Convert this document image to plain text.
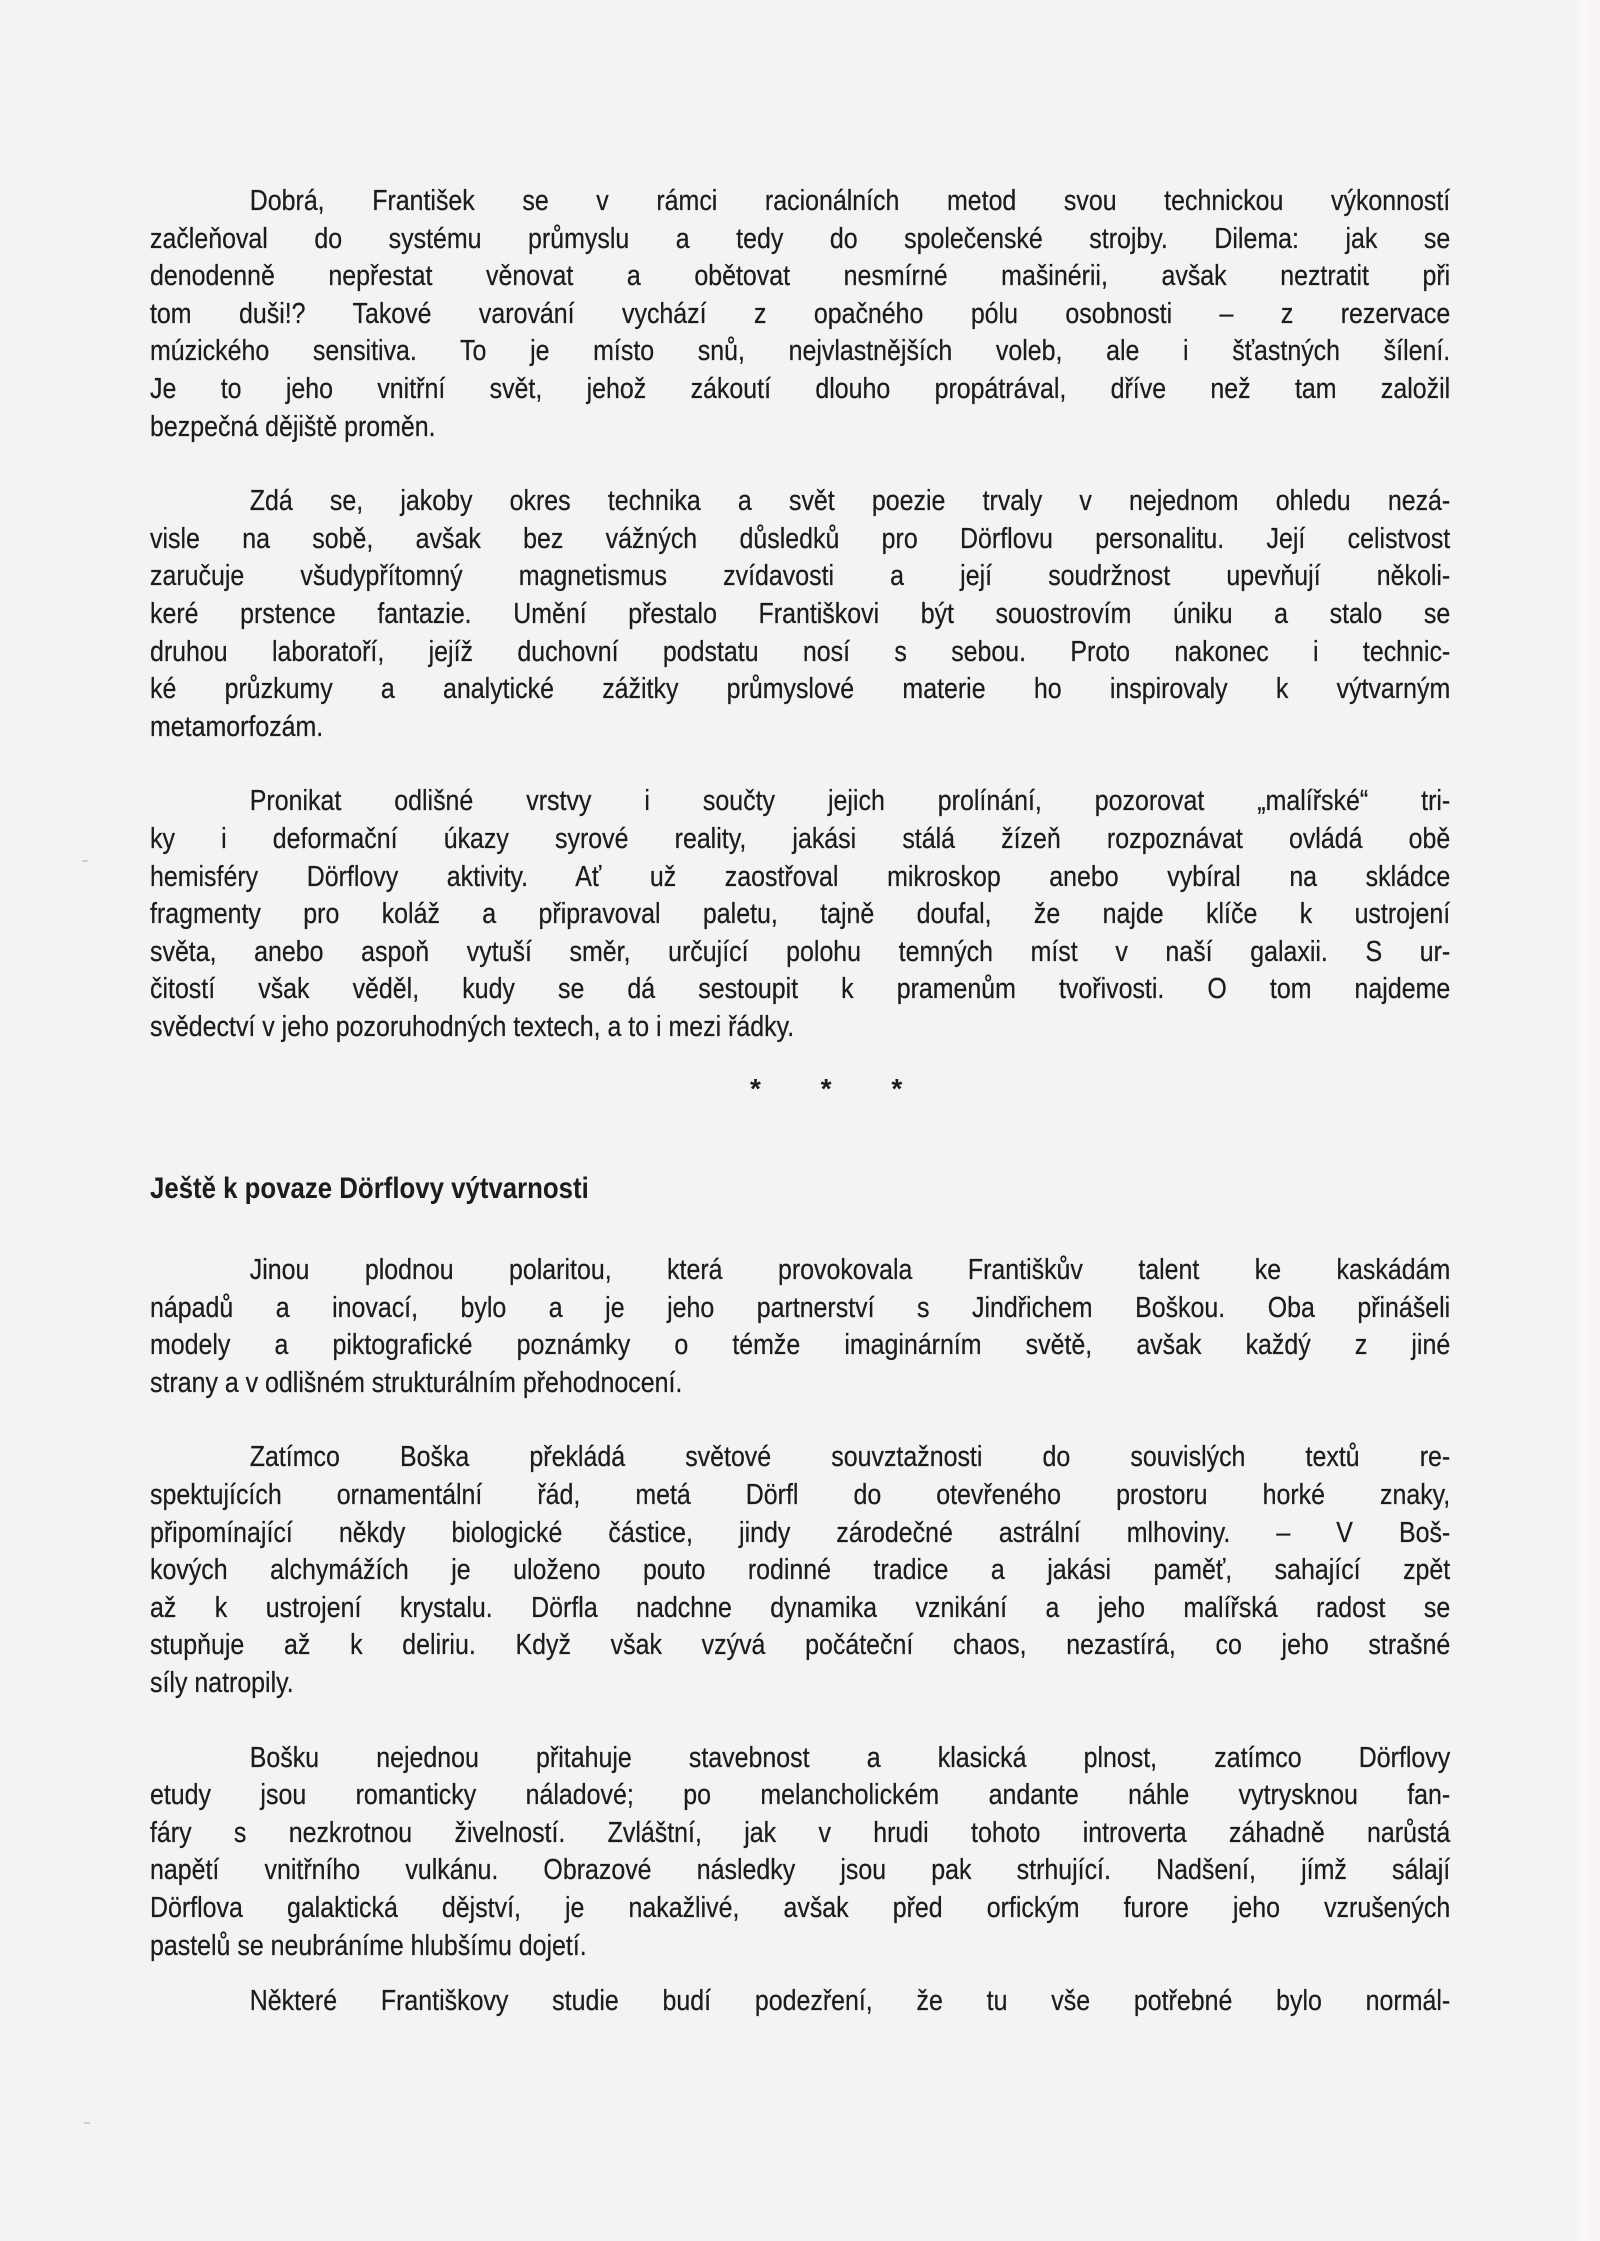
Dobrá, František se v rámci racionálních metod svou technickou výkonností
začleňoval do systému průmyslu a tedy do společenské strojby. Dilema: jak se
denodenně nepřestat věnovat a obětovat nesmírné mašinérii, avšak neztratit při
tom duši!? Takové varování vychází z opačného pólu osobnosti – z rezervace
múzického sensitiva. To je místo snů, nejvlastnějších voleb, ale i šťastných šílení.
Je to jeho vnitřní svět, jehož zákoutí dlouho propátrával, dříve než tam založil
bezpečná dějiště proměn.

Zdá se, jakoby okres technika a svět poezie trvaly v nejednom ohledu nezá-
visle na sobě, avšak bez vážných důsledků pro Dörflovu personalitu. Její celistvost
zaručuje všudypřítomný magnetismus zvídavosti a její soudržnost upevňují několi-
keré prstence fantazie. Umění přestalo Františkovi být souostrovím úniku a stalo se
druhou laboratoří, jejíž duchovní podstatu nosí s sebou. Proto nakonec i technic-
ké průzkumy a analytické zážitky průmyslové materie ho inspirovaly k výtvarným
metamorfozám.

Pronikat odlišné vrstvy i součty jejich prolínání, pozorovat „malířské“ tri-
ky i deformační úkazy syrové reality, jakási stálá žízeň rozpoznávat ovládá obě
hemisféry Dörflovy aktivity. Ať už zaostřoval mikroskop anebo vybíral na skládce
fragmenty pro koláž a připravoval paletu, tajně doufal, že najde klíče k ustrojení
světa, anebo aspoň vytuší směr, určující polohu temných míst v naší galaxii. S ur-
čitostí však věděl, kudy se dá sestoupit k pramenům tvořivosti. O tom najdeme
svědectví v jeho pozoruhodných textech, a to i mezi řádky.

* * *
Ještě k povaze Dörflovy výtvarnosti

Jinou plodnou polaritou, která provokovala Františkův talent ke kaskádám
nápadů a inovací, bylo a je jeho partnerství s Jindřichem Boškou. Oba přinášeli
modely a piktografické poznámky o témže imaginárním světě, avšak každý z jiné
strany a v odlišném strukturálním přehodnocení.

Zatímco Boška překládá světové souvztažnosti do souvislých textů re-
spektujících ornamentální řád, metá Dörfl do otevřeného prostoru horké znaky,
připomínající někdy biologické částice, jindy zárodečné astrální mlhoviny. – V Boš-
kových alchymážích je uloženo pouto rodinné tradice a jakási paměť, sahající zpět
až k ustrojení krystalu. Dörfla nadchne dynamika vznikání a jeho malířská radost se
stupňuje až k deliriu. Když však vzývá počáteční chaos, nezastírá, co jeho strašné
síly natropily.

Bošku nejednou přitahuje stavebnost a klasická plnost, zatímco Dörflovy
etudy jsou romanticky náladové; po melancholickém andante náhle vytrysknou fan-
fáry s nezkrotnou živelností. Zvláštní, jak v hrudi tohoto introverta záhadně narůstá
napětí vnitřního vulkánu. Obrazové následky jsou pak strhující. Nadšení, jímž sálají
Dörflova galaktická dějství, je nakažlivé, avšak před orfickým furore jeho vzrušených
pastelů se neubráníme hlubšímu dojetí.

Některé Františkovy studie budí podezření, že tu vše potřebné bylo normál-
